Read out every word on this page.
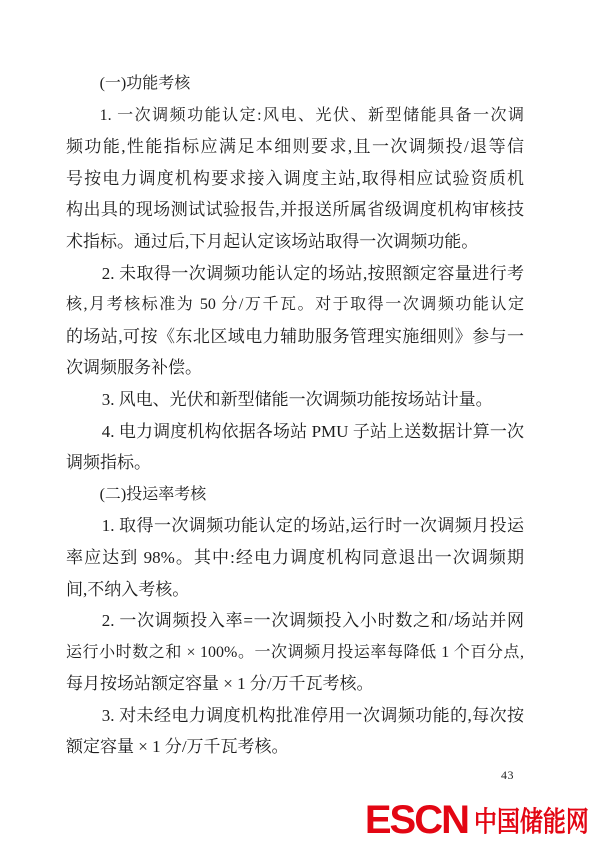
(一)功能考核
1. 一次调频功能认定:风电、光伏、新型储能具备一次调
频功能,性能指标应满足本细则要求,且一次调频投/退等信
号按电力调度机构要求接入调度主站,取得相应试验资质机
构出具的现场测试试验报告,并报送所属省级调度机构审核技
术指标。通过后,下月起认定该场站取得一次调频功能。
2. 未取得一次调频功能认定的场站,按照额定容量进行考
核,月考核标准为 50 分/万千瓦。对于取得一次调频功能认定
的场站,可按《东北区域电力辅助服务管理实施细则》参与一
次调频服务补偿。
3. 风电、光伏和新型储能一次调频功能按场站计量。
4. 电力调度机构依据各场站 PMU 子站上送数据计算一次
调频指标。
(二)投运率考核
1. 取得一次调频功能认定的场站,运行时一次调频月投运
率应达到 98%。其中:经电力调度机构同意退出一次调频期
间,不纳入考核。
2. 一次调频投入率=一次调频投入小时数之和/场站并网
运行小时数之和 × 100%。一次调频月投运率每降低 1 个百分点,
每月按场站额定容量 × 1 分/万千瓦考核。
3. 对未经电力调度机构批准停用一次调频功能的,每次按
额定容量 × 1 分/万千瓦考核。
43
ESCN 中国储能网
